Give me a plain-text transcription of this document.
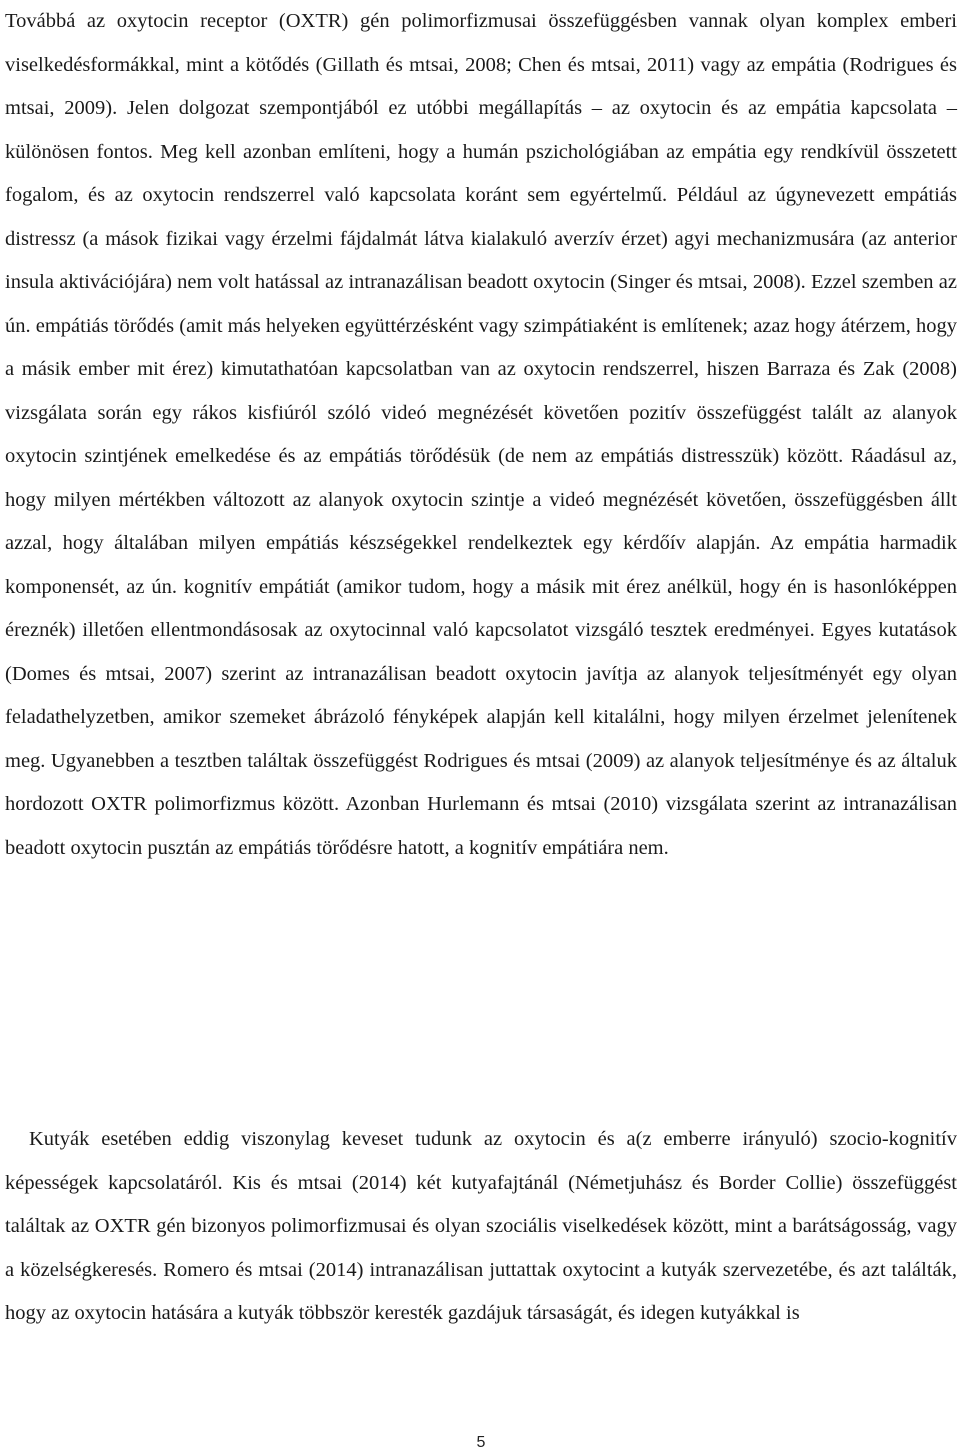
Továbbá az oxytocin receptor (OXTR) gén polimorfizmusai összefüggésben vannak olyan komplex emberi viselkedésformákkal, mint a kötődés (Gillath és mtsai, 2008; Chen és mtsai, 2011) vagy az empátia (Rodrigues és mtsai, 2009). Jelen dolgozat szempontjából ez utóbbi megállapítás – az oxytocin és az empátia kapcsolata – különösen fontos. Meg kell azonban említeni, hogy a humán pszichológiában az empátia egy rendkívül összetett fogalom, és az oxytocin rendszerrel való kapcsolata koránt sem egyértelmű. Például az úgynevezett empátiás distressz (a mások fizikai vagy érzelmi fájdalmát látva kialakuló averzív érzet) agyi mechanizmusára (az anterior insula aktivációjára) nem volt hatással az intranazálisan beadott oxytocin (Singer és mtsai, 2008). Ezzel szemben az ún. empátiás törődés (amit más helyeken együttérzésként vagy szimpátiaként is említenek; azaz hogy átérzem, hogy a másik ember mit érez) kimutathatóan kapcsolatban van az oxytocin rendszerrel, hiszen Barraza és Zak (2008) vizsgálata során egy rákos kisfiúról szóló videó megnézését követően pozitív összefüggést talált az alanyok oxytocin szintjének emelkedése és az empátiás törődésük (de nem az empátiás distresszük) között. Ráadásul az, hogy milyen mértékben változott az alanyok oxytocin szintje a videó megnézését követően, összefüggésben állt azzal, hogy általában milyen empátiás készségekkel rendelkeztek egy kérdőív alapján. Az empátia harmadik komponensét, az ún. kognitív empátiát (amikor tudom, hogy a másik mit érez anélkül, hogy én is hasonlóképpen éreznék) illetően ellentmondásosak az oxytocinnal való kapcsolatot vizsgáló tesztek eredményei. Egyes kutatások (Domes és mtsai, 2007) szerint az intranazálisan beadott oxytocin javítja az alanyok teljesítményét egy olyan feladathelyzetben, amikor szemeket ábrázoló fényképek alapján kell kitalálni, hogy milyen érzelmet jelenítenek meg. Ugyanebben a tesztben találtak összefüggést Rodrigues és mtsai (2009) az alanyok teljesítménye és az általuk hordozott OXTR polimorfizmus között. Azonban Hurlemann és mtsai (2010) vizsgálata szerint az intranazálisan beadott oxytocin pusztán az empátiás törődésre hatott, a kognitív empátiára nem.

Kutyák esetében eddig viszonylag keveset tudunk az oxytocin és a(z emberre irányuló) szocio-kognitív képességek kapcsolatáról. Kis és mtsai (2014) két kutyafajtánál (Németjuhász és Border Collie) összefüggést találtak az OXTR gén bizonyos polimorfizmusai és olyan szociális viselkedések között, mint a barátságosság, vagy a közelségkeresés. Romero és mtsai (2014) intranazálisan juttattak oxytocint a kutyák szervezetébe, és azt találták, hogy az oxytocin hatására a kutyák többször keresték gazdájuk társaságát, és idegen kutyákkal is

5
